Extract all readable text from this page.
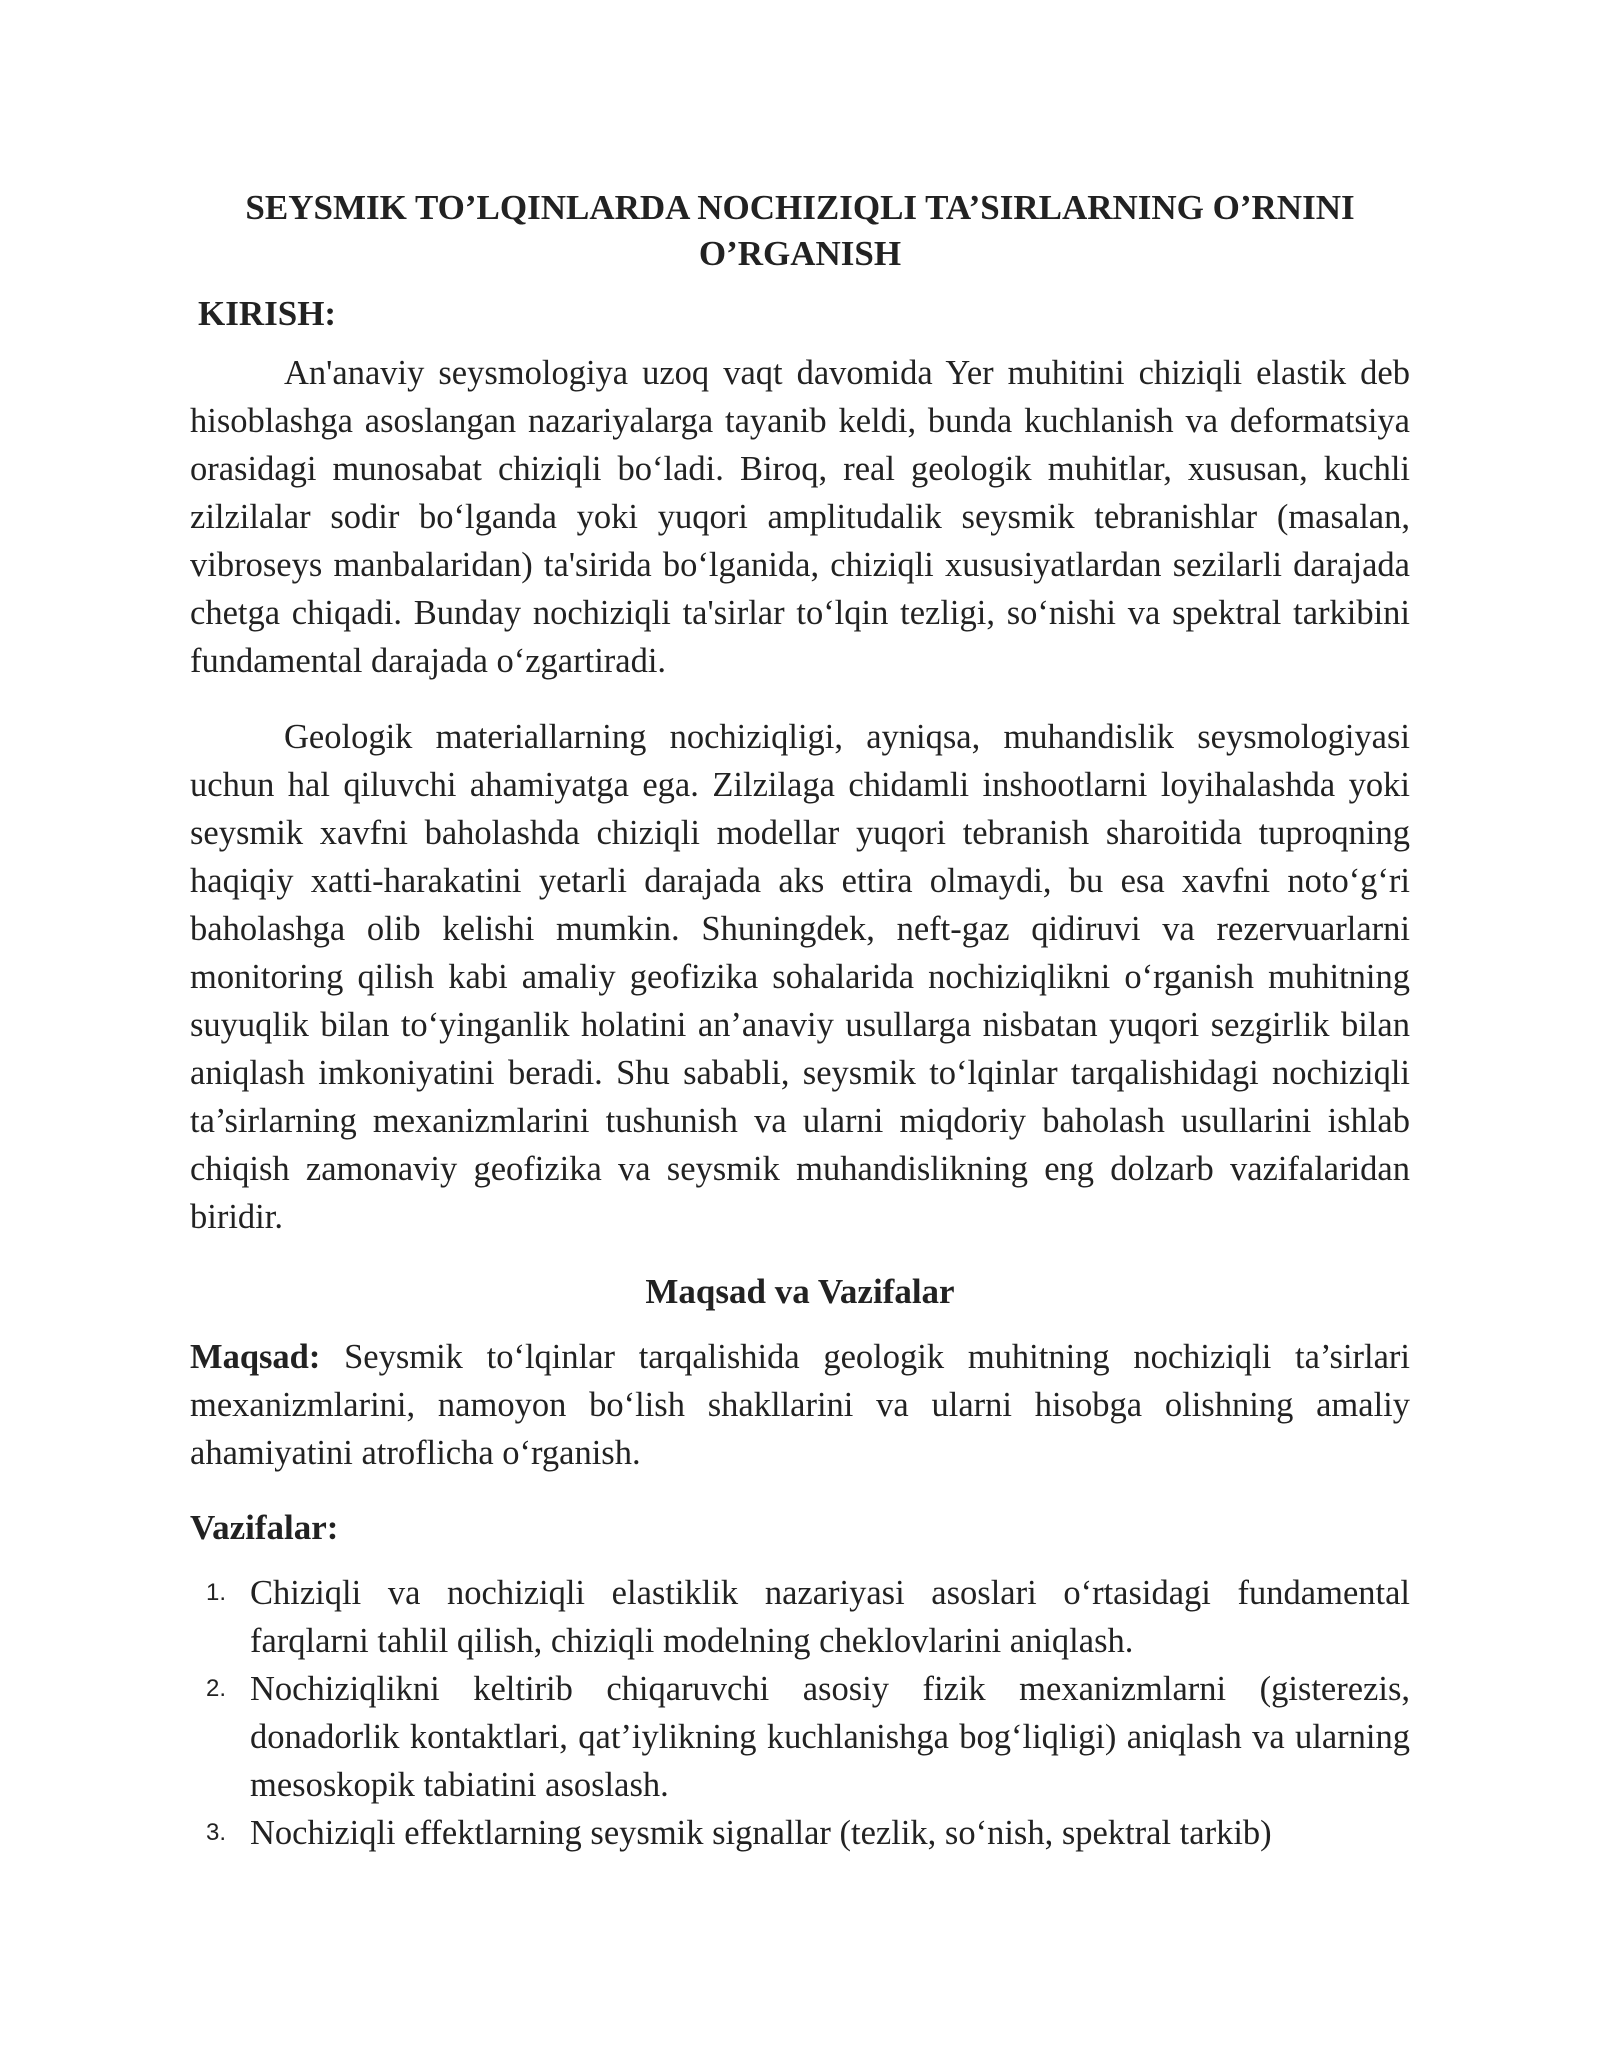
SEYSMIK TO’LQINLARDA NOCHIZIQLI TA’SIRLARNING O’RNINI
O’RGANISH
KIRISH:

An'anaviy seysmologiya uzoq vaqt davomida Yer muhitini chiziqli elastik deb hisoblashga asoslangan nazariyalarga tayanib keldi, bunda kuchlanish va deformatsiya orasidagi munosabat chiziqli bo‘ladi. Biroq, real geologik muhitlar, xususan, kuchli zilzilalar sodir bo‘lganda yoki yuqori amplitudalik seysmik tebranishlar (masalan, vibroseys manbalaridan) ta'sirida bo‘lganida, chiziqli xususiyatlardan sezilarli darajada chetga chiqadi. Bunday nochiziqli ta'sirlar to‘lqin tezligi, so‘nishi va spektral tarkibini fundamental darajada o‘zgartiradi.

Geologik materiallarning nochiziqligi, ayniqsa, muhandislik seysmologiyasi uchun hal qiluvchi ahamiyatga ega. Zilzilaga chidamli inshootlarni loyihalashda yoki seysmik xavfni baholashda chiziqli modellar yuqori tebranish sharoitida tuproqning haqiqiy xatti-harakatini yetarli darajada aks ettira olmaydi, bu esa xavfni noto‘g‘ri baholashga olib kelishi mumkin. Shuningdek, neft-gaz qidiruvi va rezervuarlarni monitoring qilish kabi amaliy geofizika sohalarida nochiziqlikni o‘rganish muhitning suyuqlik bilan to‘yinganlik holatini an’anaviy usullarga nisbatan yuqori sezgirlik bilan aniqlash imkoniyatini beradi. Shu sababli, seysmik to‘lqinlar tarqalishidagi nochiziqli ta’sirlarning mexanizmlarini tushunish va ularni miqdoriy baholash usullarini ishlab chiqish zamonaviy geofizika va seysmik muhandislikning eng dolzarb vazifalaridan biridir.

Maqsad va Vazifalar

Maqsad: Seysmik to‘lqinlar tarqalishida geologik muhitning nochiziqli ta’sirlari mexanizmlarini, namoyon bo‘lish shakllarini va ularni hisobga olishning amaliy ahamiyatini atroflicha o‘rganish.

Vazifalar:
1. Chiziqli va nochiziqli elastiklik nazariyasi asoslari o‘rtasidagi fundamental farqlarni tahlil qilish, chiziqli modelning cheklovlarini aniqlash.
2. Nochiziqlikni keltirib chiqaruvchi asosiy fizik mexanizmlarni (gisterezis, donadorlik kontaktlari, qat’iylikning kuchlanishga bog‘liqligi) aniqlash va ularning mesoskopik tabiatini asoslash.
3. Nochiziqli effektlarning seysmik signallar (tezlik, so‘nish, spektral tarkib)
